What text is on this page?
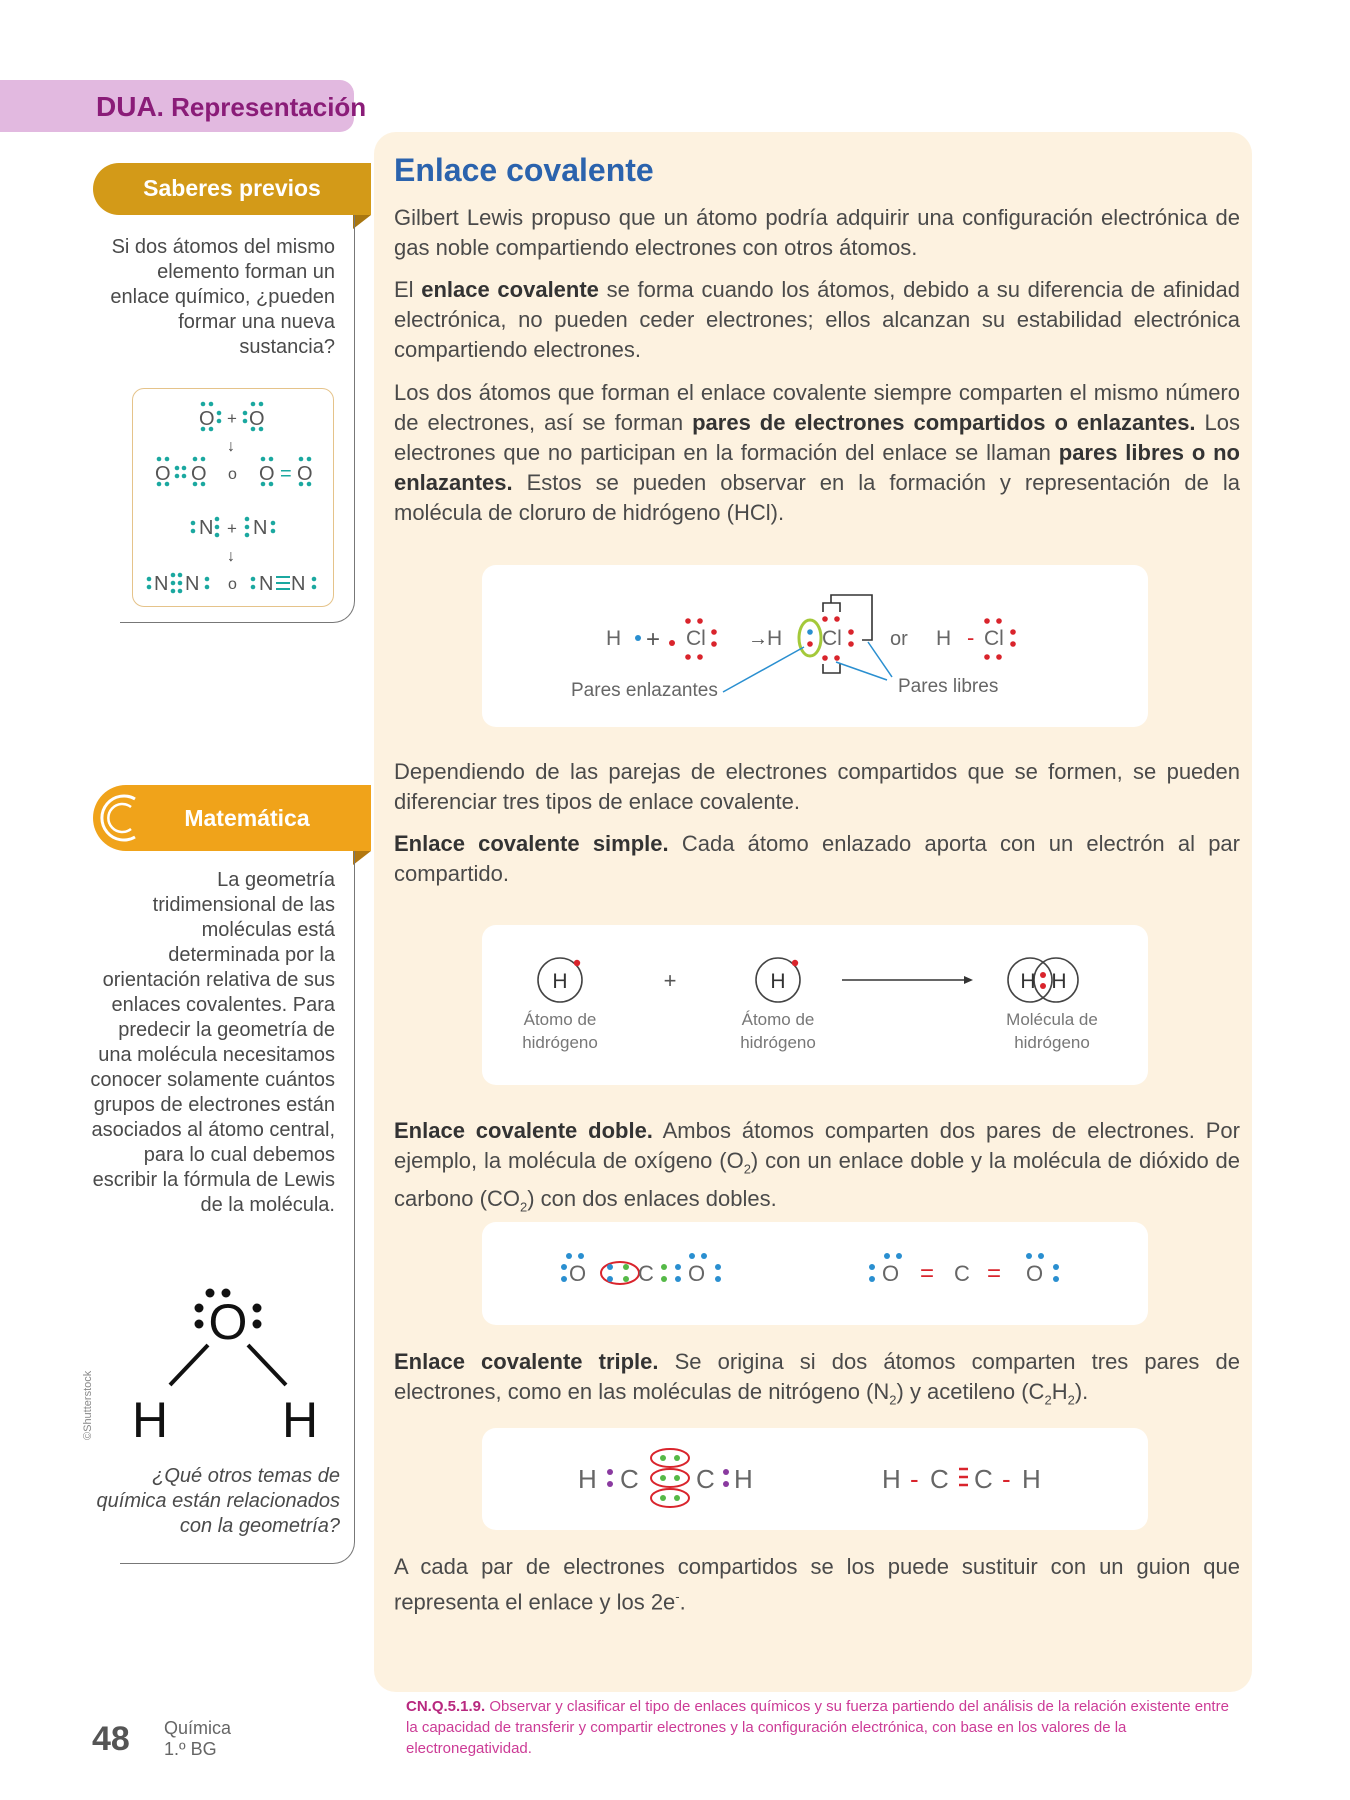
DUA. Representación
Enlace covalente
Gilbert Lewis propuso que un átomo podría adquirir una configuración electrónica de gas noble compartiendo electrones con otros átomos.
El enlace covalente se forma cuando los átomos, debido a su diferencia de afinidad electrónica, no pueden ceder electrones; ellos alcanzan su estabilidad electrónica compartiendo electrones.
Los dos átomos que forman el enlace covalente siempre comparten el mismo número de electrones, así se forman pares de electrones compartidos o enlazantes. Los electrones que no participan en la formación del enlace se llaman pares libres o no enlazantes. Estos se pueden observar en la formación y representación de la molécula de cloruro de hidrógeno (HCl).
H + Cl → H Cl or H - Cl
Pares enlazantes	Pares libres
Dependiendo de las parejas de electrones compartidos que se formen, se pueden diferenciar tres tipos de enlace covalente.
Enlace covalente simple. Cada átomo enlazado aporta con un electrón al par compartido.
H
Átomo de
hidrógeno
+	H
Átomo de
hidrógeno
H H
Molécula de
hidrógeno
Enlace covalente doble. Ambos átomos comparten dos pares de electrones. Por ejemplo, la molécula de oxígeno $(O_2)$ con un enlace doble y la molécula de dióxido de carbono $(CO_2)$ con dos enlaces dobles.
O C O	O = C = O
Enlace covalente triple. Se origina si dos átomos comparten tres pares de electrones, como en las moléculas de nitrógeno $(N_2)$ y acetileno $(C_2H_2)$.
H C C H	H - C C - H
A cada par de electrones compartidos se los puede sustituir con un guion que representa el enlace y los 2e-.
Saberes previos
Si dos átomos del mismo elemento forman un enlace químico, ¿pueden formar una nueva sustancia?
O + O
↓
O O o O = O
N + N
↓
N N o N N
Matemática
La geometría tridimensional de las moléculas está determinada por la orientación relativa de sus enlaces covalentes. Para predecir la geometría de una molécula necesitamos conocer solamente cuántos grupos de electrones están asociados al átomo central, para lo cual debemos escribir la fórmula de Lewis de la molécula.
O
H H
©Shutterstock
¿Qué otros temas de química están relacionados con la geometría?
48 Química
1.º BG
CN.Q.5.1.9. Observar y clasificar el tipo de enlaces químicos y su fuerza partiendo del análisis de la relación existente entre la capacidad de transferir y compartir electrones y la configuración electrónica, con base en los valores de la electronegatividad.
